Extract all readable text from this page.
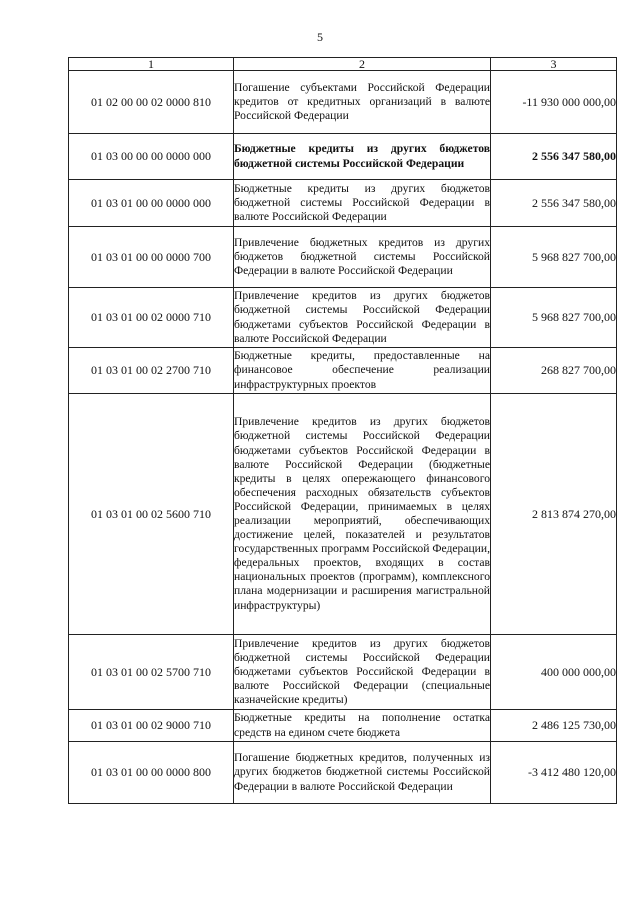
5
1	2	3
01 02 00 00 02 0000 810	Погашение субъектами Российской Федерации кредитов от кредитных организаций в валюте Российской Федерации	-11 930 000 000,00
01 03 00 00 00 0000 000	Бюджетные кредиты из других бюджетов бюджетной системы Российской Федерации	2 556 347 580,00
01 03 01 00 00 0000 000	Бюджетные кредиты из других бюджетов бюджетной системы Российской Федерации в валюте Российской Федерации	2 556 347 580,00
01 03 01 00 00 0000 700	Привлечение бюджетных кредитов из других бюджетов бюджетной системы Российской Федерации в валюте Российской Федерации	5 968 827 700,00
01 03 01 00 02 0000 710	Привлечение кредитов из других бюджетов бюджетной системы Российской Федерации бюджетами субъектов Российской Федерации в валюте Российской Федерации	5 968 827 700,00
01 03 01 00 02 2700 710	Бюджетные кредиты, предоставленные на финансовое обеспечение реализации инфраструктурных проектов	268 827 700,00
01 03 01 00 02 5600 710	Привлечение кредитов из других бюджетов бюджетной системы Российской Федерации бюджетами субъектов Российской Федерации в валюте Российской Федерации (бюджетные кредиты в целях опережающего финансового обеспечения расходных обязательств субъектов Российской Федерации, принимаемых в целях реализации мероприятий, обеспечивающих достижение целей, показателей и результатов государственных программ Российской Федерации, федеральных проектов, входящих в состав национальных проектов (программ), комплексного плана модернизации и расширения магистральной инфраструктуры)	2 813 874 270,00
01 03 01 00 02 5700 710	Привлечение кредитов из других бюджетов бюджетной системы Российской Федерации бюджетами субъектов Российской Федерации в валюте Российской Федерации (специальные казначейские кредиты)	400 000 000,00
01 03 01 00 02 9000 710	Бюджетные кредиты на пополнение остатка средств на едином счете бюджета	2 486 125 730,00
01 03 01 00 00 0000 800	Погашение бюджетных кредитов, полученных из других бюджетов бюджетной системы Российской Федерации в валюте Российской Федерации	-3 412 480 120,00
